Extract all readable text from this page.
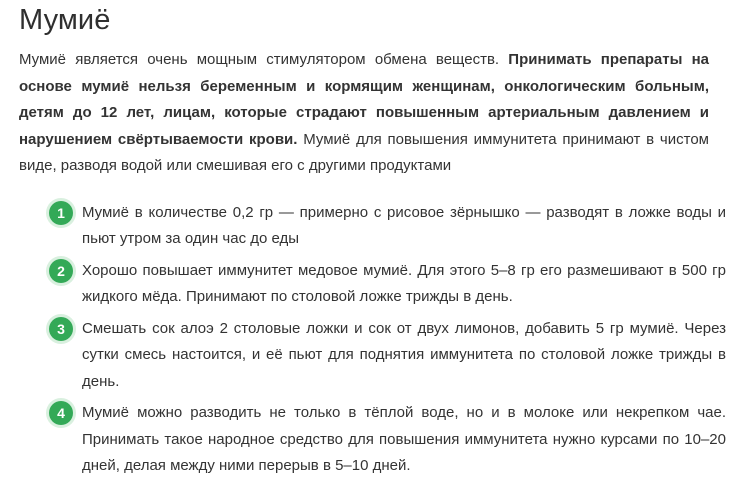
Мумиё

Мумиё является очень мощным стимулятором обмена веществ. Принимать препараты на основе мумиё нельзя беременным и кормящим женщинам, онкологическим больным, детям до 12 лет, лицам, которые страдают повышенным артериальным давлением и нарушением свёртываемости крови. Мумиё для повышения иммунитета принимают в чистом виде, разводя водой или смешивая его с другими продуктами

1	Мумиё в количестве 0,2 гр — примерно с рисовое зёрнышко — разводят в ложке воды и пьют утром за один час до еды
2	Хорошо повышает иммунитет медовое мумиё. Для этого 5–8 гр его размешивают в 500 гр жидкого мёда. Принимают по столовой ложке трижды в день.
3	Смешать сок алоэ 2 столовые ложки и сок от двух лимонов, добавить 5 гр мумиё. Через сутки смесь настоится, и её пьют для поднятия иммунитета по столовой ложке трижды в день.
4	Мумиё можно разводить не только в тёплой воде, но и в молоке или некрепком чае. Принимать такое народное средство для повышения иммунитета нужно курсами по 10–20 дней, делая между ними перерыв в 5–10 дней.
